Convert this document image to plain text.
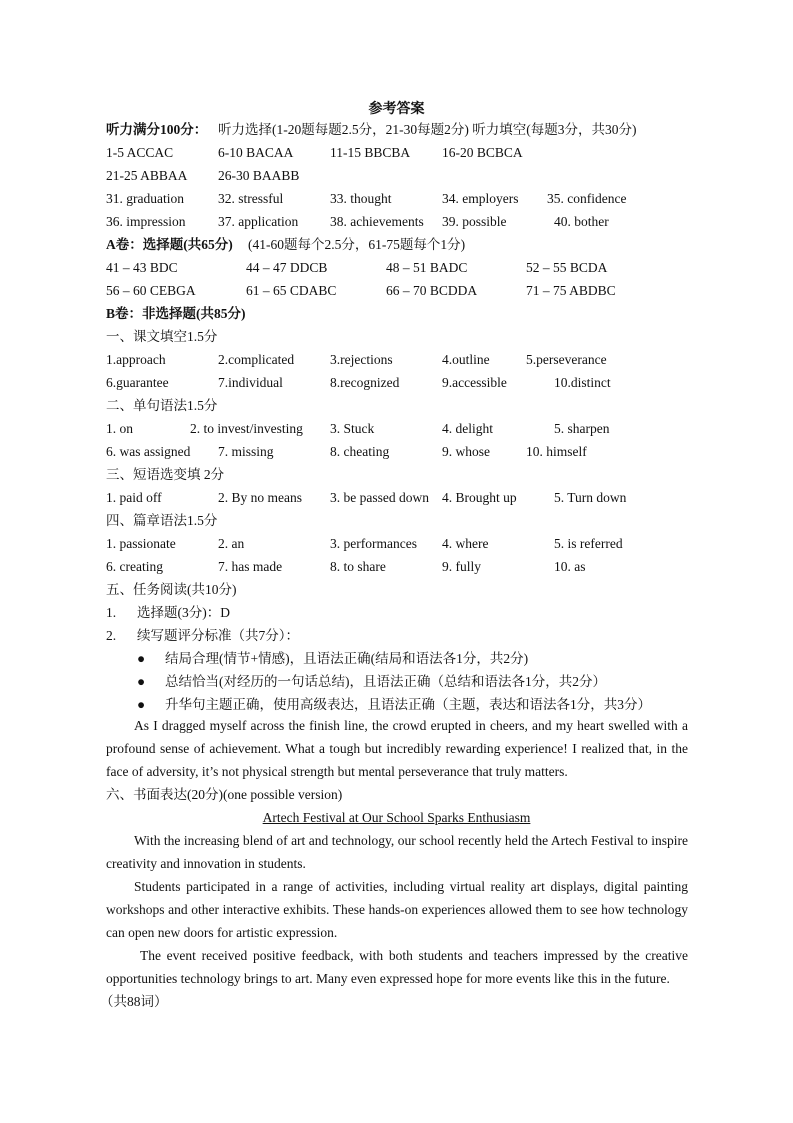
参考答案
听力满分100分： 听力选择(1-20题每题2.5分，21-30每题2分) 听力填空(每题3分，共30分)
1-5 ACCAC	6-10 BACAA	11-15 BBCBA 16-20 BCBCA
21-25 ABBAA 26-30 BAABB
31. graduation	32. stressful	33. thought	34. employers 35. confidence
36. impression 37. application 38. achievements 39. possible	40. bother
A卷：选择题(共65分) (41-60题每个2.5分，61-75题每个1分)
41 – 43 BDC	44 – 47 DDCB	48 – 51 BADC	52 – 55 BCDA
56 – 60 CEBGA	61 – 65 CDABC	66 – 70 BCDDA	71 – 75 ABDBC
B卷：非选择题(共85分)
一、课文填空1.5分
1.approach	2.complicated	3.rejections	4.outline	5.perseverance
6.guarantee	7.individual	8.recognized	9.accessible	10.distinct
二、单句语法1.5分
1. on	2. to invest/investing 3. Stuck	4. delight	5. sharpen
6. was assigned 7. missing	8. cheating	9. whose	10. himself
三、短语选变填 2分
1. paid off	2. By no means 3. be passed down 4. Brought up	5. Turn down
四、篇章语法1.5分
1. passionate	2. an	3. performances 4. where	5. is referred
6. creating	7. has made	8. to share	9. fully	10. as
五、任务阅读(共10分)
1. 选择题(3分)：D
2. 续写题评分标准（共7分）：
● 结局合理(情节+情感)，且语法正确(结局和语法各1分，共2分)
● 总结恰当(对经历的一句话总结)，且语法正确（总结和语法各1分，共2分）
● 升华句主题正确，使用高级表达，且语法正确（主题，表达和语法各1分，共3分）
As I dragged myself across the finish line, the crowd erupted in cheers, and my heart swelled with a profound sense of achievement. What a tough but incredibly rewarding experience! I realized that, in the face of adversity, it’s not physical strength but mental perseverance that truly matters.
六、书面表达(20分)(one possible version)
Artech Festival at Our School Sparks Enthusiasm
With the increasing blend of art and technology, our school recently held the Artech Festival to inspire creativity and innovation in students.
Students participated in a range of activities, including virtual reality art displays, digital painting workshops and other interactive exhibits. These hands-on experiences allowed them to see how technology can open new doors for artistic expression.
The event received positive feedback, with both students and teachers impressed by the creative opportunities technology brings to art. Many even expressed hope for more events like this in the future.
（共88词）
